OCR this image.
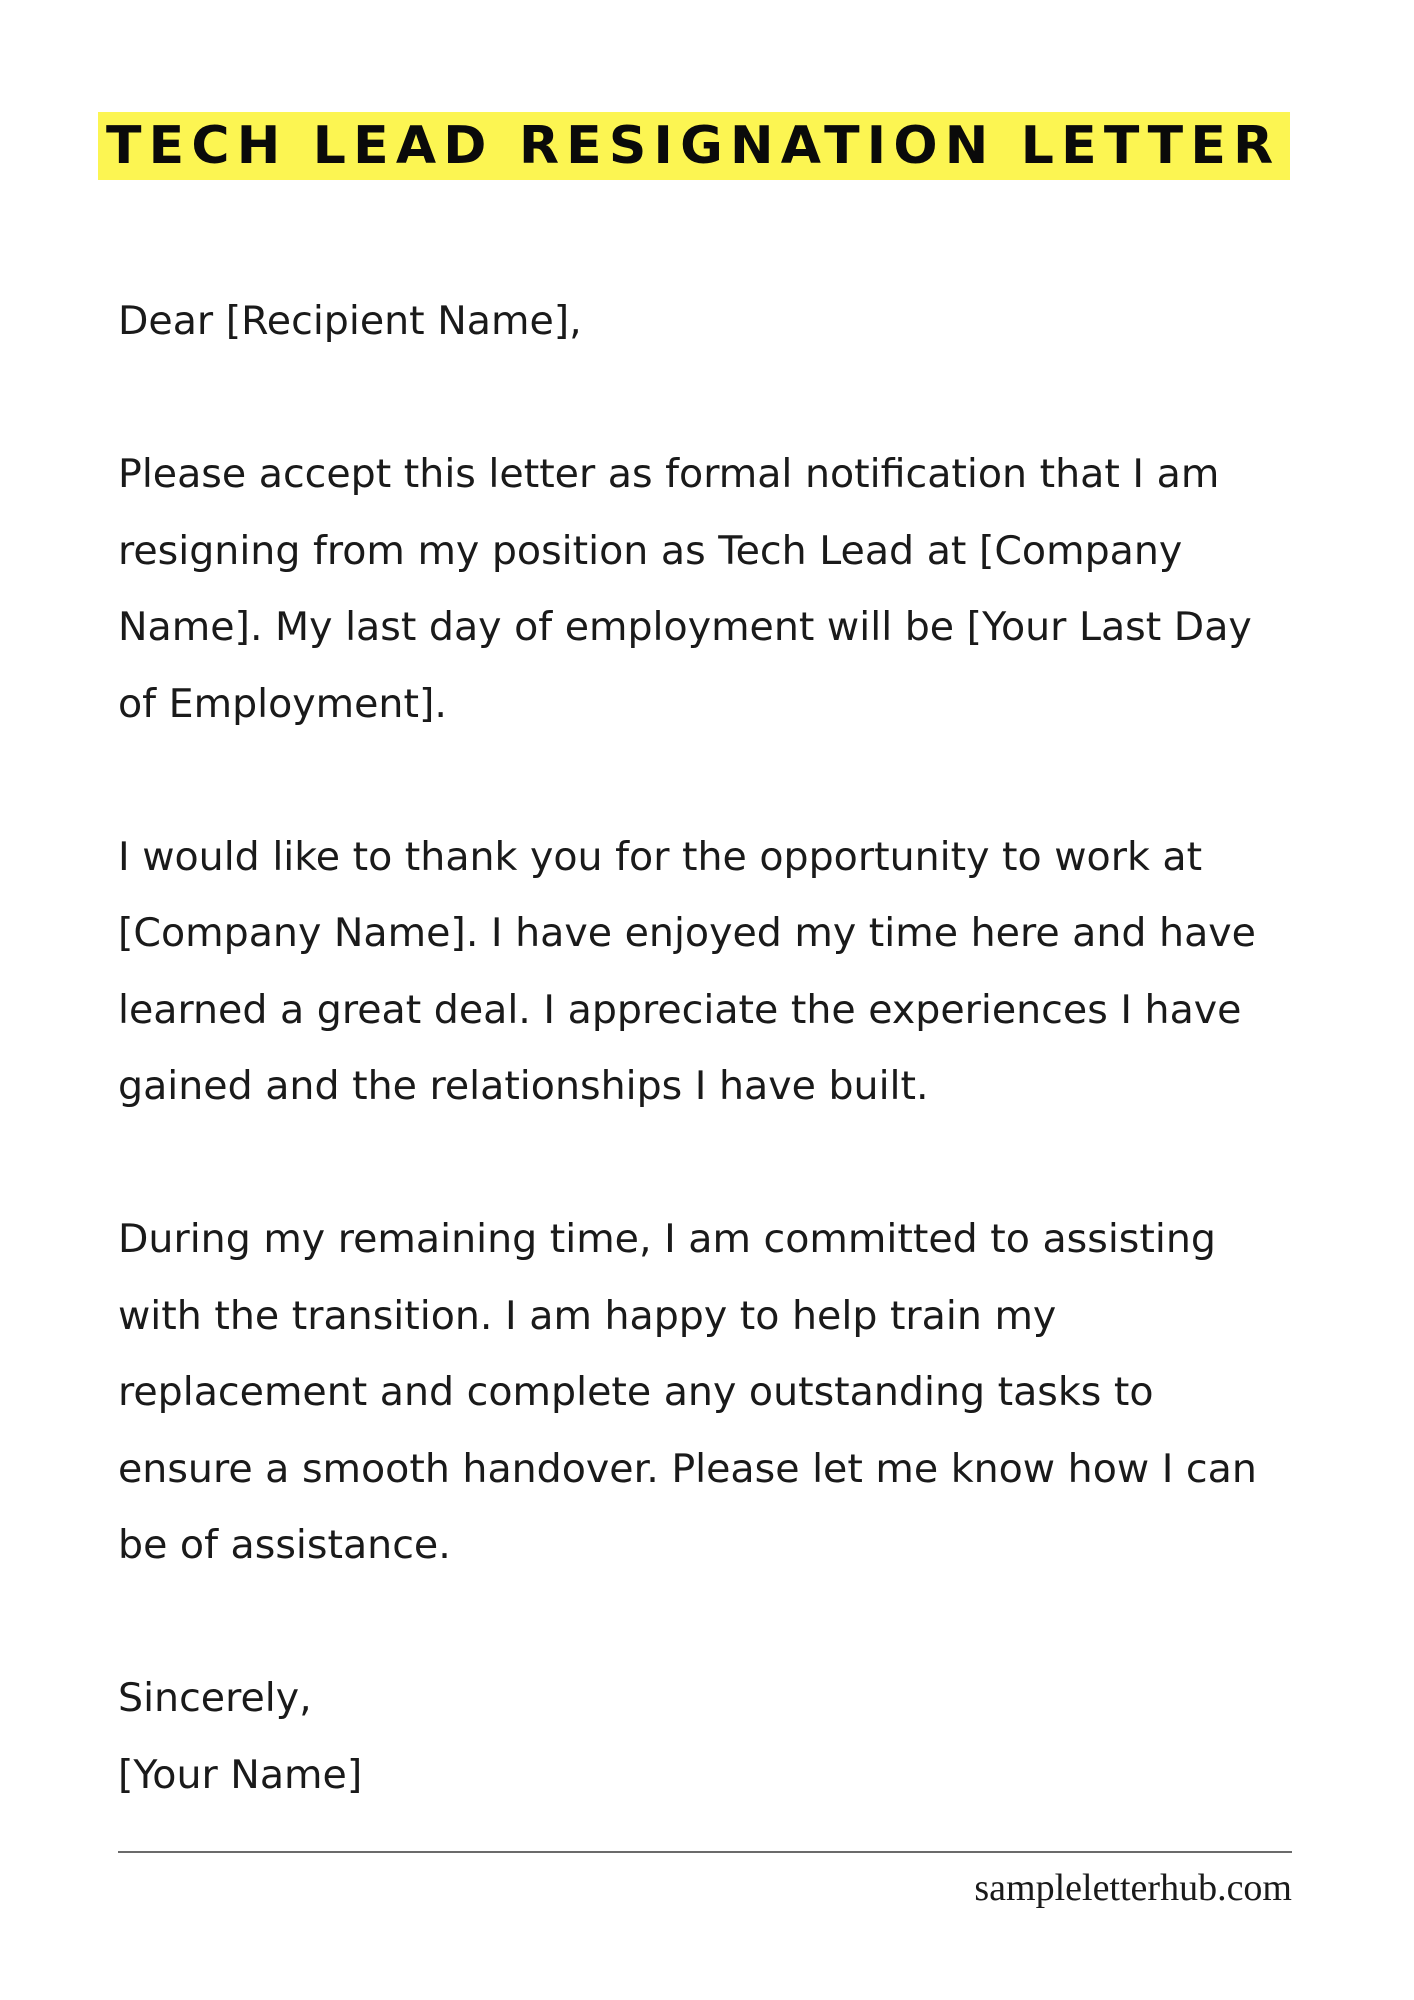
TECH LEAD RESIGNATION LETTER
Dear [Recipient Name],
Please accept this letter as formal notification that I am
resigning from my position as Tech Lead at [Company
Name]. My last day of employment will be [Your Last Day
of Employment].
I would like to thank you for the opportunity to work at
[Company Name]. I have enjoyed my time here and have
learned a great deal. I appreciate the experiences I have
gained and the relationships I have built.
During my remaining time, I am committed to assisting
with the transition. I am happy to help train my
replacement and complete any outstanding tasks to
ensure a smooth handover. Please let me know how I can
be of assistance.
Sincerely,
[Your Name]
sampleletterhub.com
